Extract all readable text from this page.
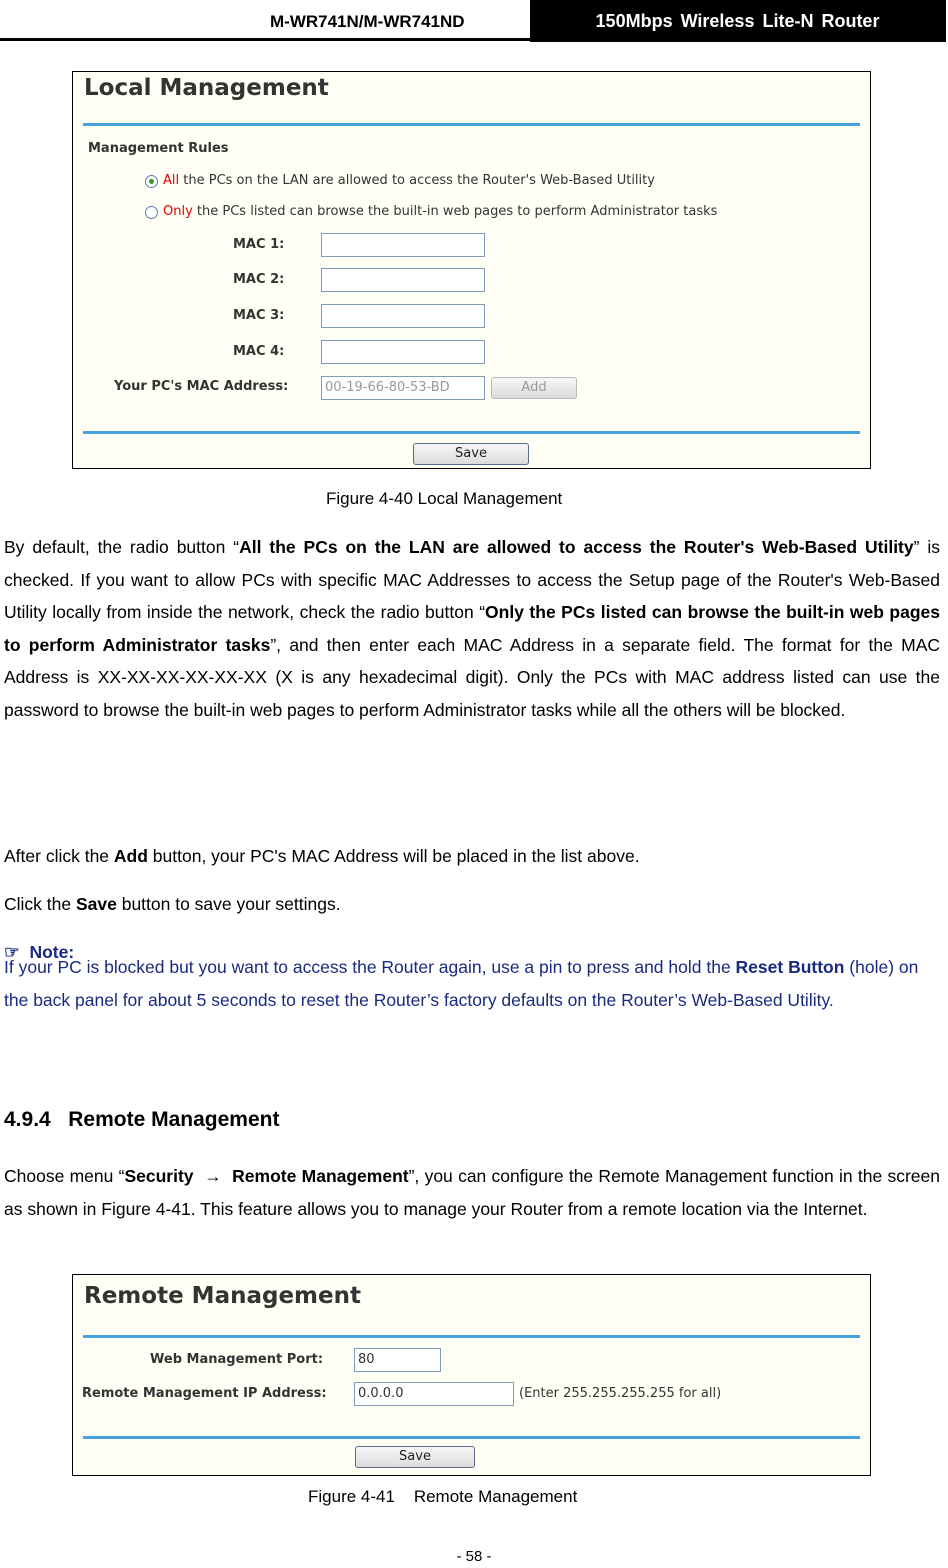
M-WR741N/M-WR741ND	150Mbps Wireless Lite-N Router
Local Management
Management Rules
All the PCs on the LAN are allowed to access the Router's Web-Based Utility
Only the PCs listed can browse the built-in web pages to perform Administrator tasks
MAC 1:
MAC 2:
MAC 3:
MAC 4:
Your PC's MAC Address:	00-19-66-80-53-BD	Add
Save
Figure 4-40 Local Management
By default, the radio button “All the PCs on the LAN are allowed to access the Router's Web-Based Utility” is checked. If you want to allow PCs with specific MAC Addresses to access the Setup page of the Router's Web-Based Utility locally from inside the network, check the radio button “Only the PCs listed can browse the built-in web pages to perform Administrator tasks”, and then enter each MAC Address in a separate field. The format for the MAC Address is XX-XX-XX-XX-XX-XX (X is any hexadecimal digit). Only the PCs with MAC address listed can use the password to browse the built-in web pages to perform Administrator tasks while all the others will be blocked.
After click the Add button, your PC's MAC Address will be placed in the list above.
Click the Save button to save your settings.
☞ Note:
If your PC is blocked but you want to access the Router again, use a pin to press and hold the Reset Button (hole) on the back panel for about 5 seconds to reset the Router’s factory defaults on the Router’s Web-Based Utility.
4.9.4 Remote Management
Choose menu “Security → Remote Management”, you can configure the Remote Management function in the screen as shown in Figure 4-41. This feature allows you to manage your Router from a remote location via the Internet.
Remote Management
Web Management Port:	80
Remote Management IP Address:	0.0.0.0	(Enter 255.255.255.255 for all)
Save
Figure 4-41    Remote Management
- 58 -
